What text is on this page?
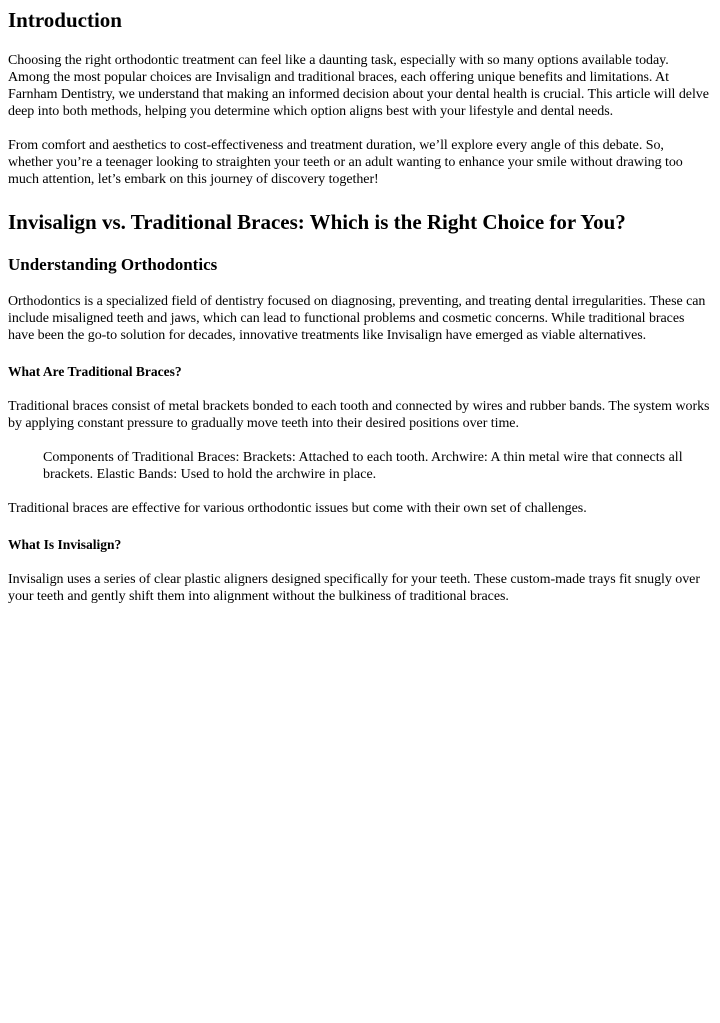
Introduction

Choosing the right orthodontic treatment can feel like a daunting task, especially with so many options available today. Among the most popular choices are Invisalign and traditional braces, each offering unique benefits and limitations. At Farnham Dentistry, we understand that making an informed decision about your dental health is crucial. This article will delve deep into both methods, helping you determine which option aligns best with your lifestyle and dental needs.

From comfort and aesthetics to cost-effectiveness and treatment duration, we’ll explore every angle of this debate. So, whether you’re a teenager looking to straighten your teeth or an adult wanting to enhance your smile without drawing too much attention, let’s embark on this journey of discovery together!

Invisalign vs. Traditional Braces: Which is the Right Choice for You?
Understanding Orthodontics

Orthodontics is a specialized field of dentistry focused on diagnosing, preventing, and treating dental irregularities. These can include misaligned teeth and jaws, which can lead to functional problems and cosmetic concerns. While traditional braces have been the go-to solution for decades, innovative treatments like Invisalign have emerged as viable alternatives.

What Are Traditional Braces?

Traditional braces consist of metal brackets bonded to each tooth and connected by wires and rubber bands. The system works by applying constant pressure to gradually move teeth into their desired positions over time.

Components of Traditional Braces: Brackets: Attached to each tooth. Archwire: A thin metal wire that connects all brackets. Elastic Bands: Used to hold the archwire in place.

Traditional braces are effective for various orthodontic issues but come with their own set of challenges.

What Is Invisalign?

Invisalign uses a series of clear plastic aligners designed specifically for your teeth. These custom-made trays fit snugly over your teeth and gently shift them into alignment without the bulkiness of traditional braces.
